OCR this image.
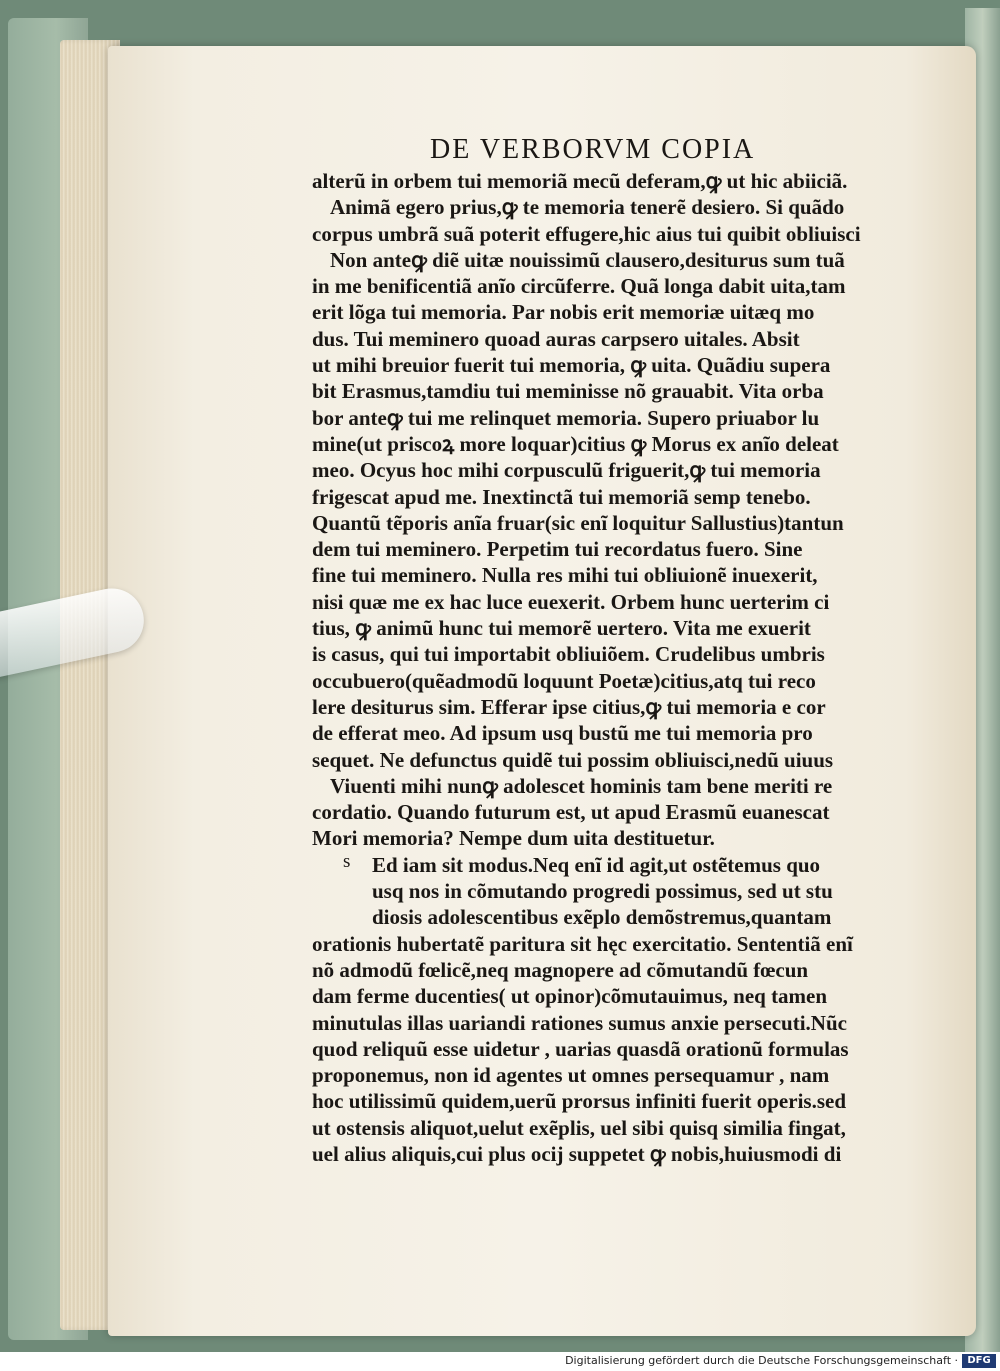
DE VERBORVM COPIA
alterũ in orbem tui memoriã mecũ deferam,ꝙ ut hic abiiciã.
Animã egero prius,ꝙ te memoria tenerẽ desiero. Si quãdo
corpus umbrã suã poterit effugere,hic aius tui quibit obliuisci
Non anteꝙ diẽ uitæ nouissimũ clausero,desiturus sum tuã
in me benificentiã anĩo circũferre. Quã longa dabit uita,tam
erit lõga tui memoria. Par nobis erit memoriæ uitæq mo
dus. Tui meminero quoad auras carpsero uitales. Absit
ut mihi breuior fuerit tui memoria, ꝙ uita. Quãdiu supera
bit Erasmus,tamdiu tui meminisse nõ grauabit. Vita orba
bor anteꝙ tui me relinquet memoria. Supero priuabor lu
mine(ut priscoꝝ more loquar)citius ꝙ Morus ex anĩo deleat
meo. Ocyus hoc mihi corpusculũ friguerit,ꝙ tui memoria
frigescat apud me. Inextinctã tui memoriã semp tenebo.
Quantũ tẽporis anĩa fruar(sic enĩ loquitur Sallustius)tantun
dem tui meminero. Perpetim tui recordatus fuero. Sine
fine tui meminero. Nulla res mihi tui obliuionẽ inuexerit,
nisi quæ me ex hac luce euexerit. Orbem hunc uerterim ci
tius, ꝙ animũ hunc tui memorẽ uertero. Vita me exuerit
is casus, qui tui importabit obliuiõem. Crudelibus umbris
occubuero(quẽadmodũ loquunt Poetæ)citius,atq tui reco
lere desiturus sim. Efferar ipse citius,ꝙ tui memoria e cor
de efferat meo. Ad ipsum usq bustũ me tui memoria pro
sequet. Ne defunctus quidẽ tui possim obliuisci,nedũ uiuus
Viuenti mihi nunꝙ adolescet hominis tam bene meriti re
cordatio. Quando futurum est, ut apud Erasmũ euanescat
Mori memoria? Nempe dum uita destituetur.
Ed iam sit modus.Neq enĩ id agit,ut ostẽtemus quo
usq nos in cõmutando progredi possimus, sed ut stu
diosis adolescentibus exẽplo demõstremus,quantam
orationis hubertatẽ paritura sit hęc exercitatio. Sententiã enĩ
nõ admodũ fœlicẽ,neq magnopere ad cõmutandũ fœcun
dam ferme ducenties( ut opinor)cõmutauimus, neq tamen
minutulas illas uariandi rationes sumus anxie persecuti.Nũc
quod reliquũ esse uidetur , uarias quasdã orationũ formulas
proponemus, non id agentes ut omnes persequamur , nam
hoc utilissimũ quidem,uerũ prorsus infiniti fuerit operis.sed
ut ostensis aliquot,uelut exẽplis, uel sibi quisq similia fingat,
uel alius aliquis,cui plus ocij suppetet ꝙ nobis,huiusmodi di
s
Digitalisierung gefördert durch die Deutsche Forschungsgemeinschaft · DFG
